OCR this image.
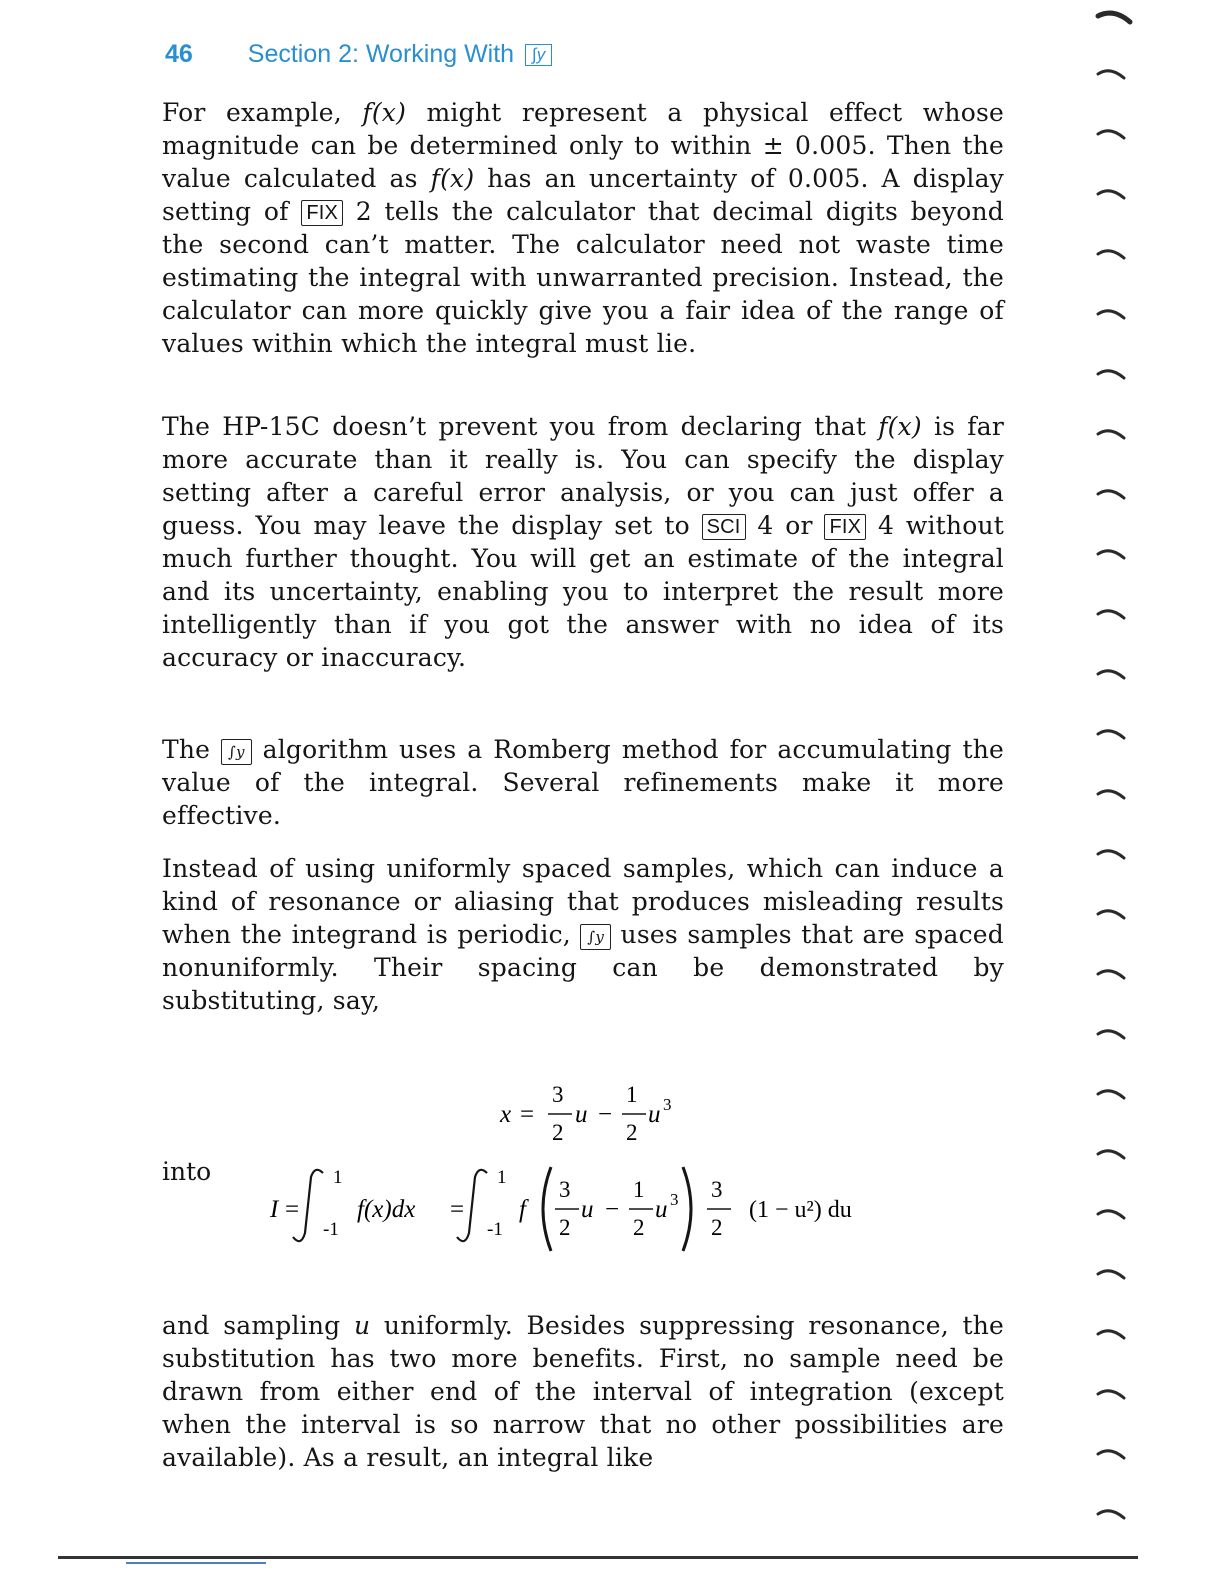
46 Section 2: Working With ∫y
For example, f(x) might represent a physical effect whose magnitude can be determined only to within ± 0.005. Then the value calculated as f(x) has an uncertainty of 0.005. A display setting of FIX 2 tells the calculator that decimal digits beyond the second can’t matter. The calculator need not waste time estimating the integral with unwarranted precision. Instead, the calculator can more quickly give you a fair idea of the range of values within which the integral must lie.
The HP-15C doesn’t prevent you from declaring that f(x) is far more accurate than it really is. You can specify the display setting after a careful error analysis, or you can just offer a guess. You may leave the display set to SCI 4 or FIX 4 without much further thought. You will get an estimate of the integral and its uncertainty, enabling you to interpret the result more intelligently than if you got the answer with no idea of its accuracy or inaccuracy.
The ∫y algorithm uses a Romberg method for accumulating the value of the integral. Several refinements make it more effective.
Instead of using uniformly spaced samples, which can induce a kind of resonance or aliasing that produces misleading results when the integrand is periodic, ∫y uses samples that are spaced nonuniformly. Their spacing can be demonstrated by substituting, say,
x =
3
2
u −
1
2
u 3
into
I =
1
-1
f(x)dx =
1
-1
f
3
2
u −
1
2
u 3 3
2
(1 − u²) du
and sampling u uniformly. Besides suppressing resonance, the substitution has two more benefits. First, no sample need be drawn from either end of the interval of integration (except when the interval is so narrow that no other possibilities are available). As a result, an integral like
